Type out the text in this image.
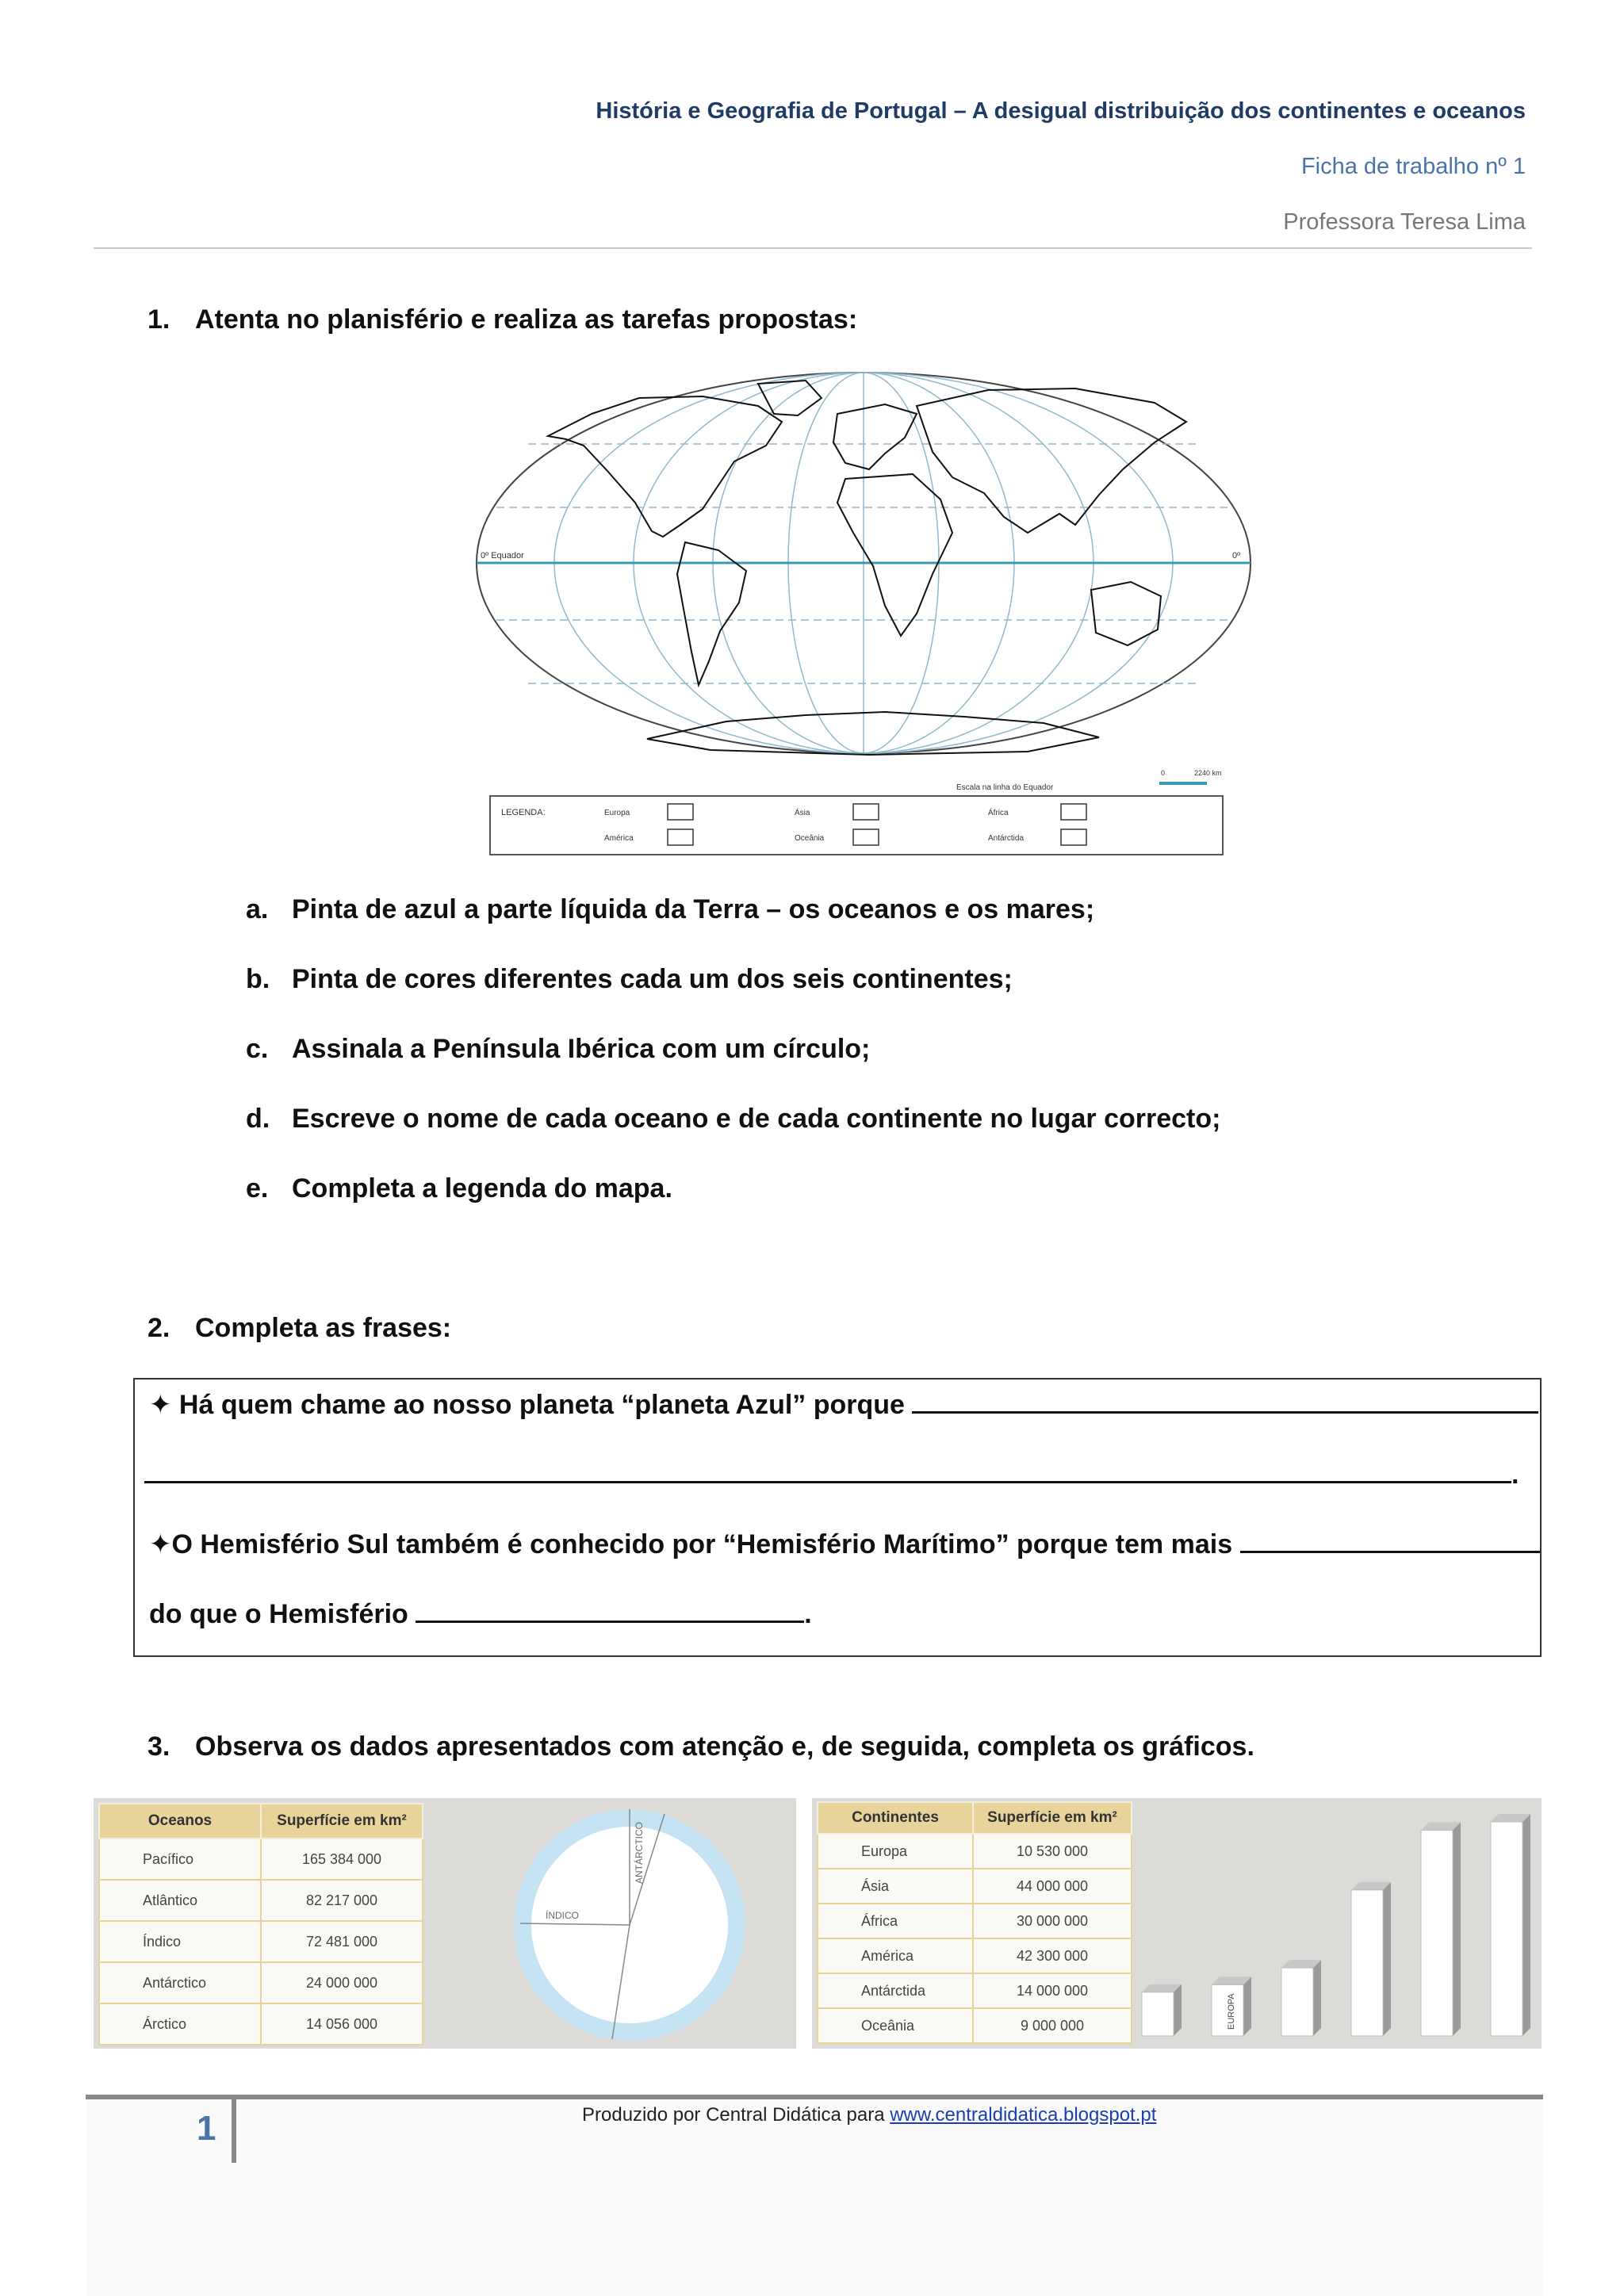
História e Geografia de Portugal – A desigual distribuição dos continentes e oceanos
Ficha de trabalho nº 1
Professora Teresa Lima
1. Atenta no planisfério e realiza as tarefas propostas:
0º Equador	0º
Escala na linha do Equador
0	2240 km
LEGENDA:	Europa	Ásia	África
América	Oceânia	Antárctida
a. Pinta de azul a parte líquida da Terra – os oceanos e os mares;
b. Pinta de cores diferentes cada um dos seis continentes;
c. Assinala a Península Ibérica com um círculo;
d. Escreve o nome de cada oceano e de cada continente no lugar correcto;
e. Completa a legenda do mapa.
2. Completa as frases:
✦ Há quem chame ao nosso planeta “planeta Azul” porque
.
✦O Hemisfério Sul também é conhecido por “Hemisfério Marítimo” porque tem mais
do que o Hemisfério	.
3. Observa os dados apresentados com atenção e, de seguida, completa os gráficos.
Oceanos	Superfície em km²
Pacífico	165 384 000
Atlântico	82 217 000
Índico	72 481 000
Antárctico	24 000 000
Árctico	14 056 000
ÍNDICO
ANTÁRCTICO
Continentes	Superfície em km²
Europa	10 530 000
Ásia	44 000 000
África	30 000 000
América	42 300 000
Antárctida	14 000 000
Oceânia	9 000 000	EUROPA
1	Produzido por Central Didática para www.centraldidatica.blogspot.pt
